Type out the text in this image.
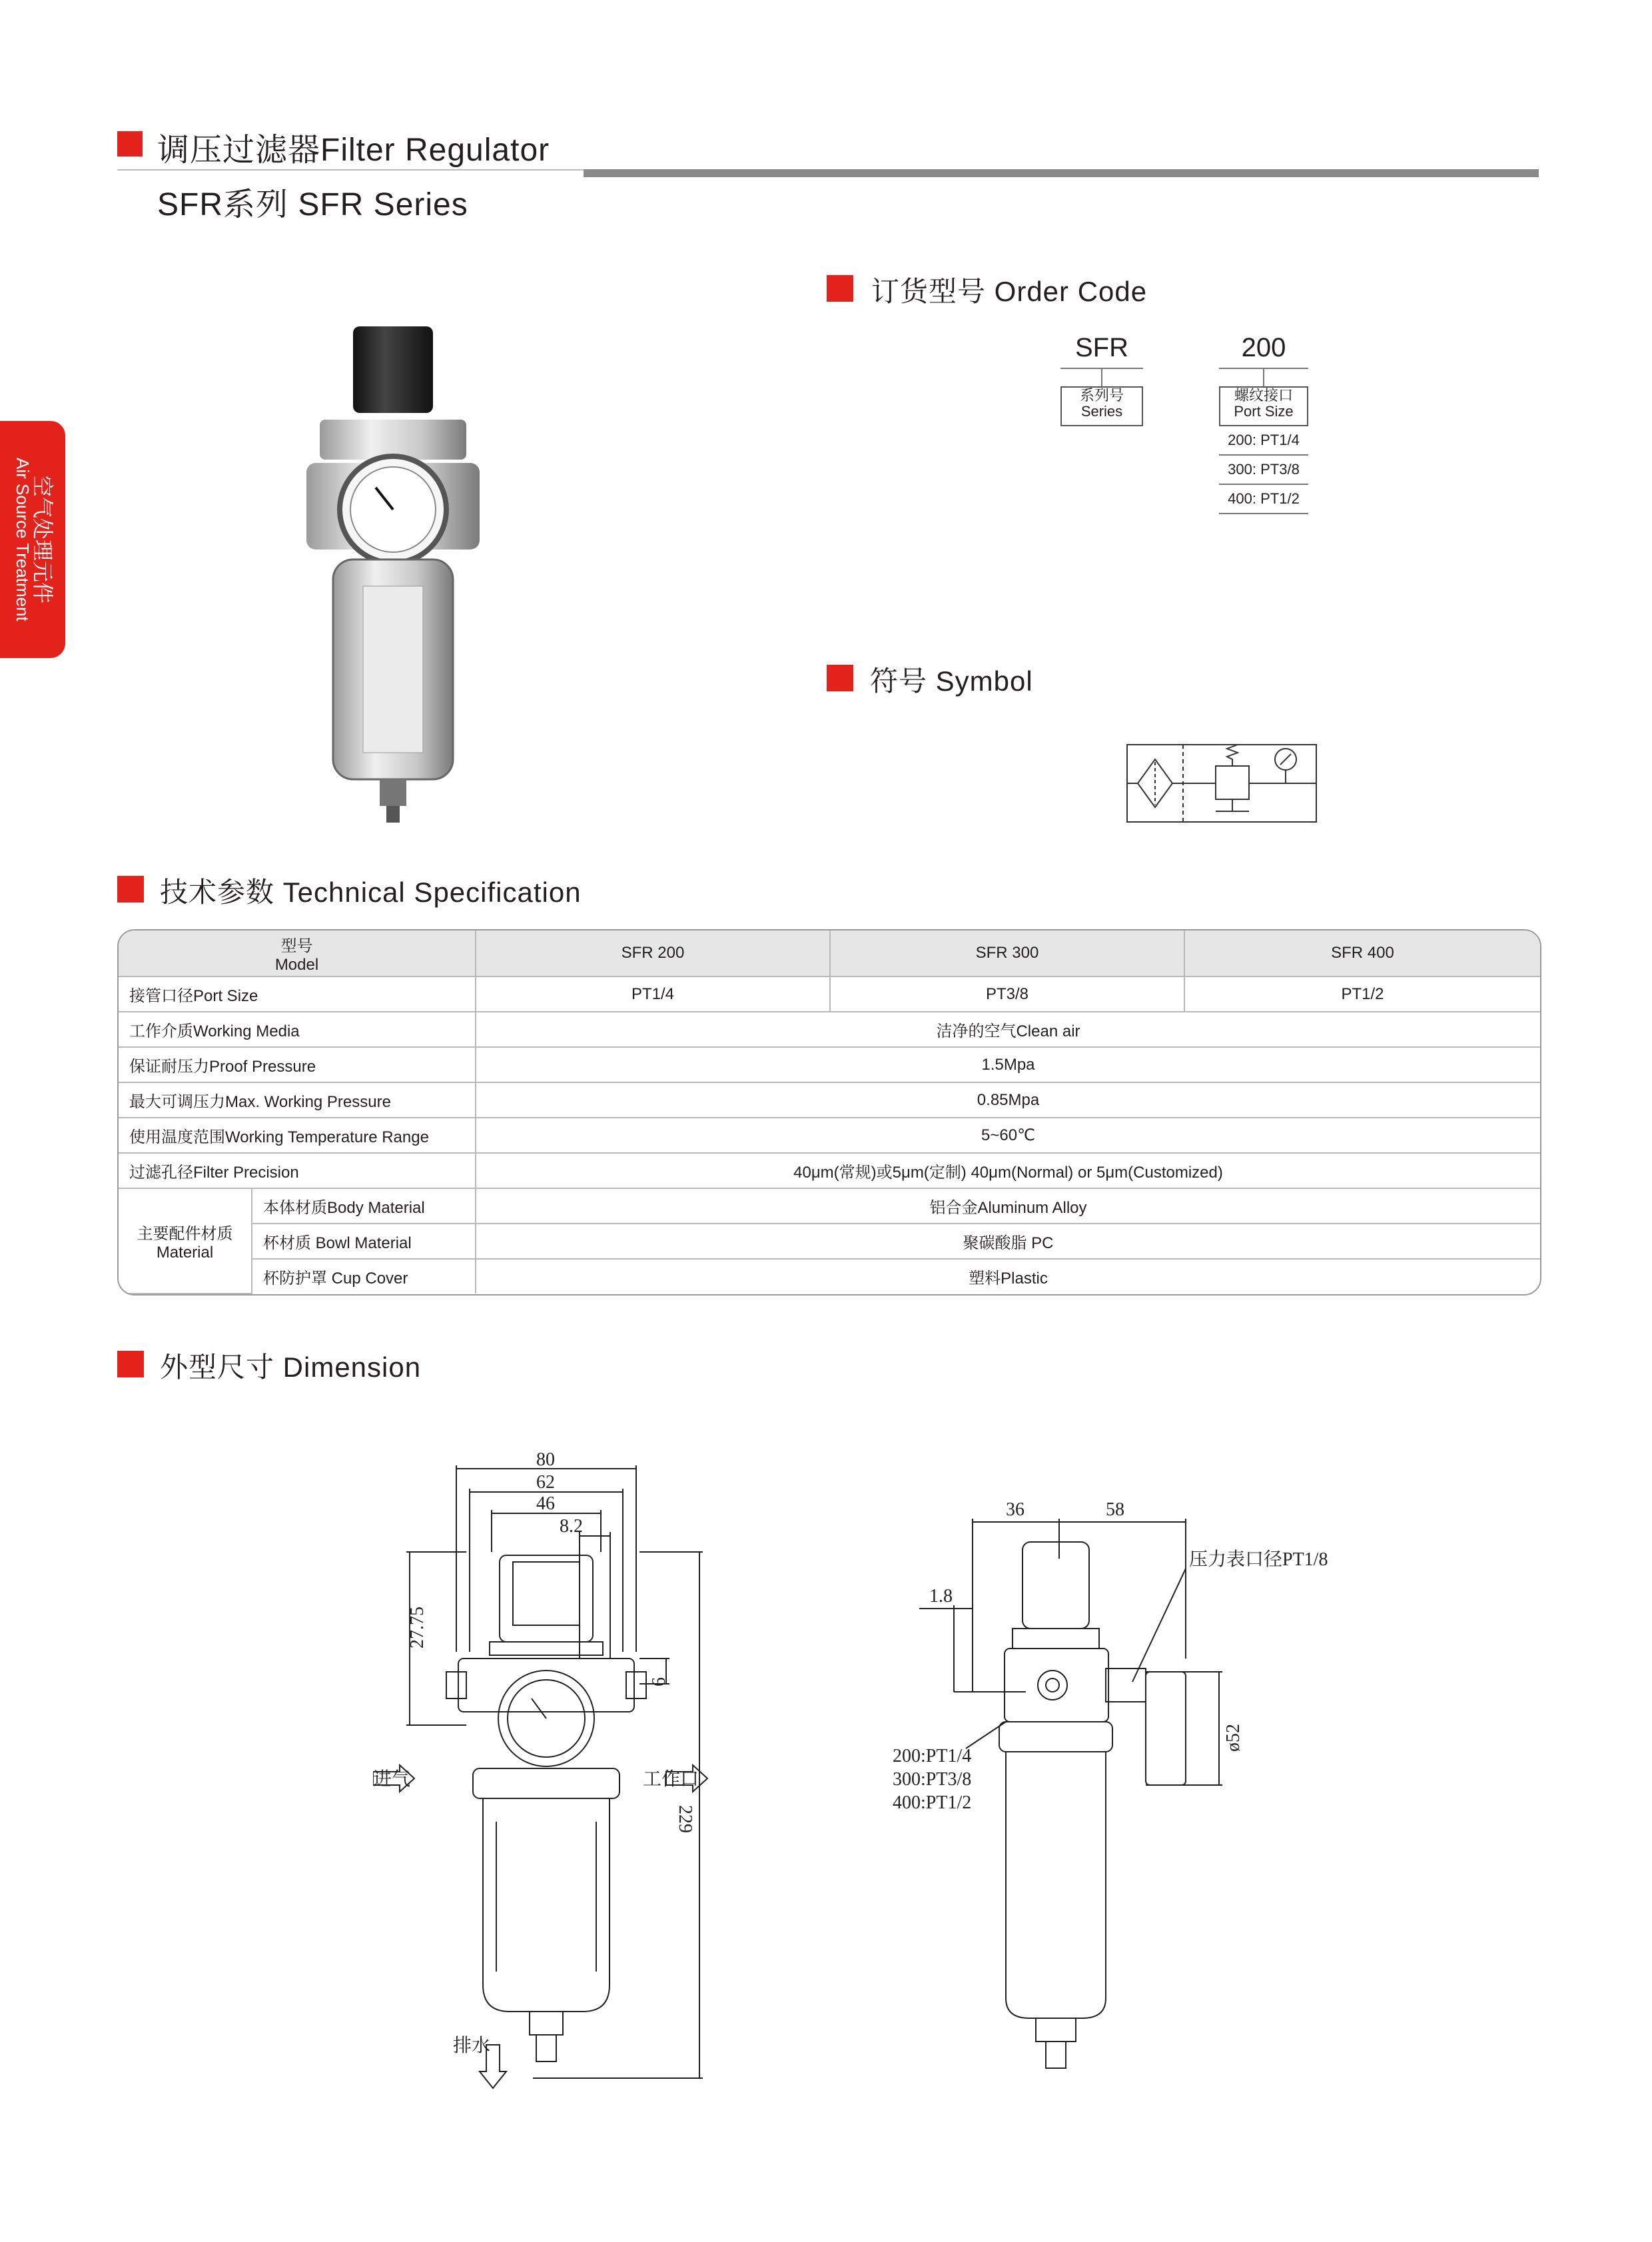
空气处理元件
Air Source Treatment
调压过滤器Filter Regulator
SFR系列 SFR Series
订货型号 Order Code
SFR
系列号
Series
200
螺纹接口
Port Size
200: PT1/4
300: PT3/8
400: PT1/2
符号 Symbol
技术参数 Technical Specification
型号
Model		SFR 200	SFR 300	SFR 400
接管口径Port Size		PT1/4	PT3/8	PT1/2
工作介质Working Media		洁净的空气Clean air		
保证耐压力Proof Pressure		1.5Mpa		
最大可调压力Max. Working Pressure		0.85Mpa		
使用温度范围Working Temperature Range		5~60℃		
过滤孔径Filter Precision		40μm(常规)或5μm(定制) 40μm(Normal) or 5μm(Customized)		

主要配件材质
Material	本体材质Body Material	铝合金Aluminum Alloy		
	杯材质 Bowl Material	聚碳酸脂 PC		
	杯防护罩 Cup Cover	塑料Plastic		
外型尺寸 Dimension
80
62
46
8.2
6
27.75
229
进气	工作口
排水
36	58
1.8
压力表口径PT1/8
ø52
200:PT1/4
300:PT3/8
400:PT1/2
